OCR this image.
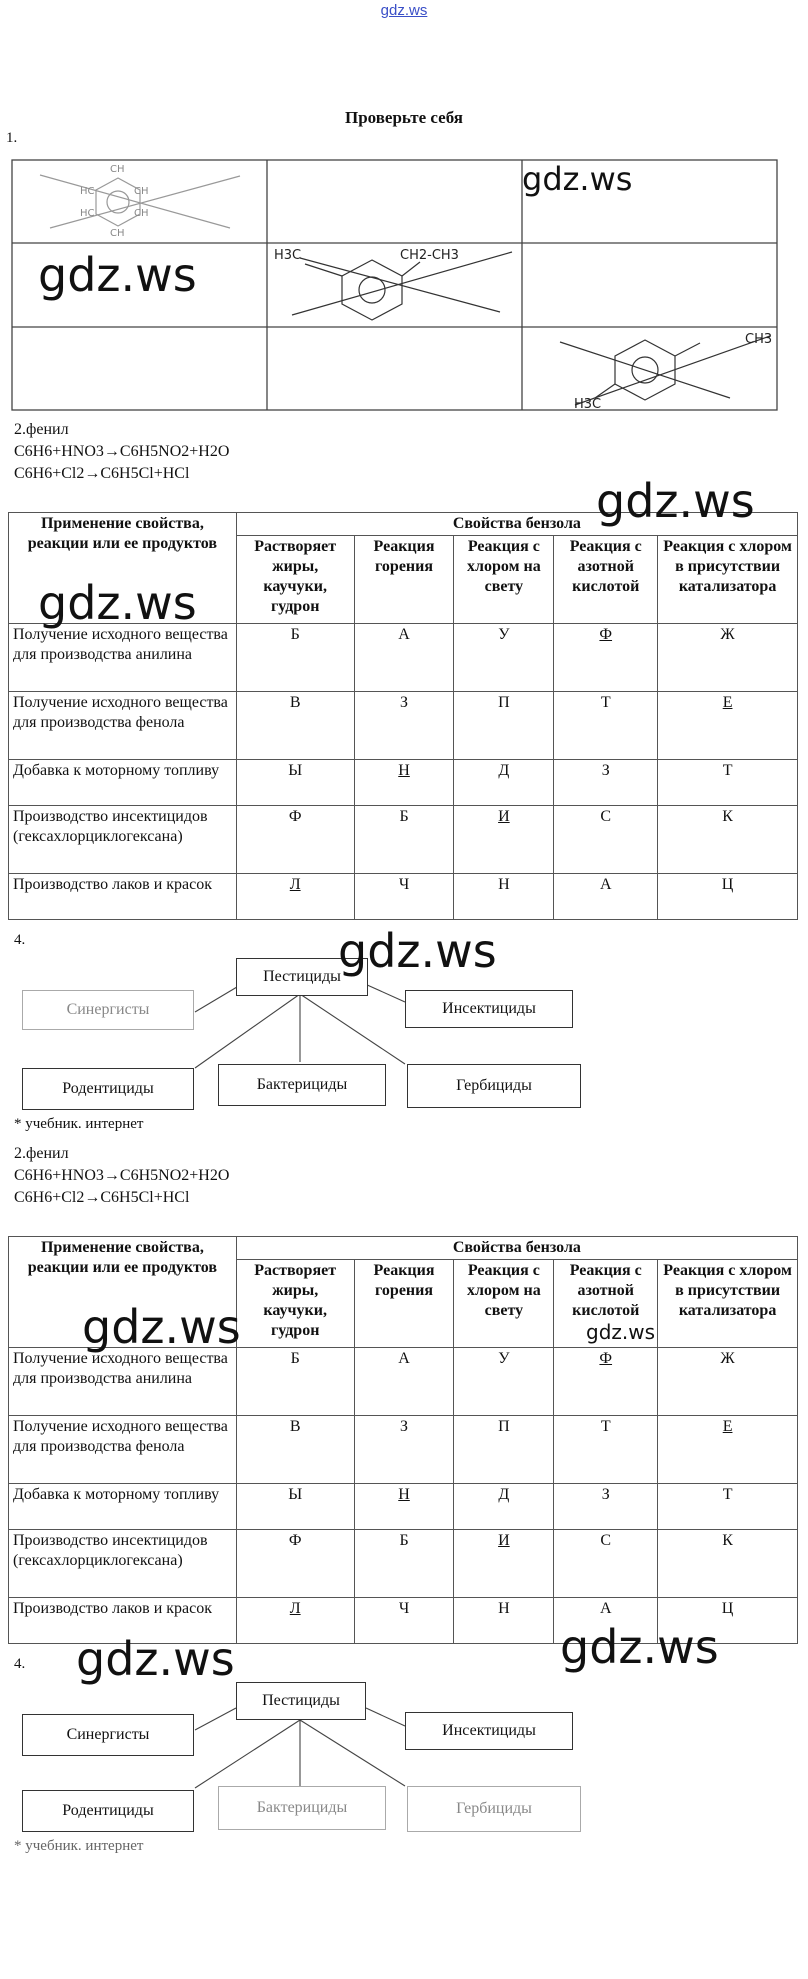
gdz.ws
Проверьте себя
1.
CH
HC	CH
HC	CH
CH
H3C	CH2-CH3
CH3
H3C
2.фенил
C6H6+HNO3→C6H5NO2+H2O
C6H6+Cl2→C6H5Cl+HCl
Применение свойства, реакции или ее продуктов	Свойства бензола				
	Растворяет жиры, каучуки, гудрон	Реакция горения	Реакция с хлором на свету	Реакция с азотной кислотой	Реакция с хлором в присутствии катализатора
Получение исходного вещества для производства анилина	Б	А	У	Ф	Ж
Получение исходного вещества для производства фенола	В	З	П	Т	Е
Добавка к моторному топливу	Ы	Н	Д	З	Т
Производство инсектицидов (гексахлорциклогексана)	Ф	Б	И	С	К
Производство лаков и красок	Л	Ч	Н	А	Ц
4.
Пестициды
Синергисты	Инсектициды
Родентициды	Бактерициды	Гербициды
* учебник. интернет
2.фенил
C6H6+HNO3→C6H5NO2+H2O
C6H6+Cl2→C6H5Cl+HCl
Применение свойства, реакции или ее продуктов	Свойства бензола				
	Растворяет жиры, каучуки, гудрон	Реакция горения	Реакция с хлором на свету	Реакция с азотной кислотой	Реакция с хлором в присутствии катализатора
Получение исходного вещества для производства анилина	Б	А	У	Ф	Ж
Получение исходного вещества для производства фенола	В	З	П	Т	Е
Добавка к моторному топливу	Ы	Н	Д	З	Т
Производство инсектицидов (гексахлорциклогексана)	Ф	Б	И	С	К
Производство лаков и красок	Л	Ч	Н	А	Ц
4.
Пестициды
Синергисты	Инсектициды
Родентициды	Бактерициды	Гербициды
* учебник. интернет
gdz.ws
gdz.ws
gdz.ws
gdz.ws
gdz.ws
gdz.ws	gdz.ws
gdz.ws
gdz.ws
